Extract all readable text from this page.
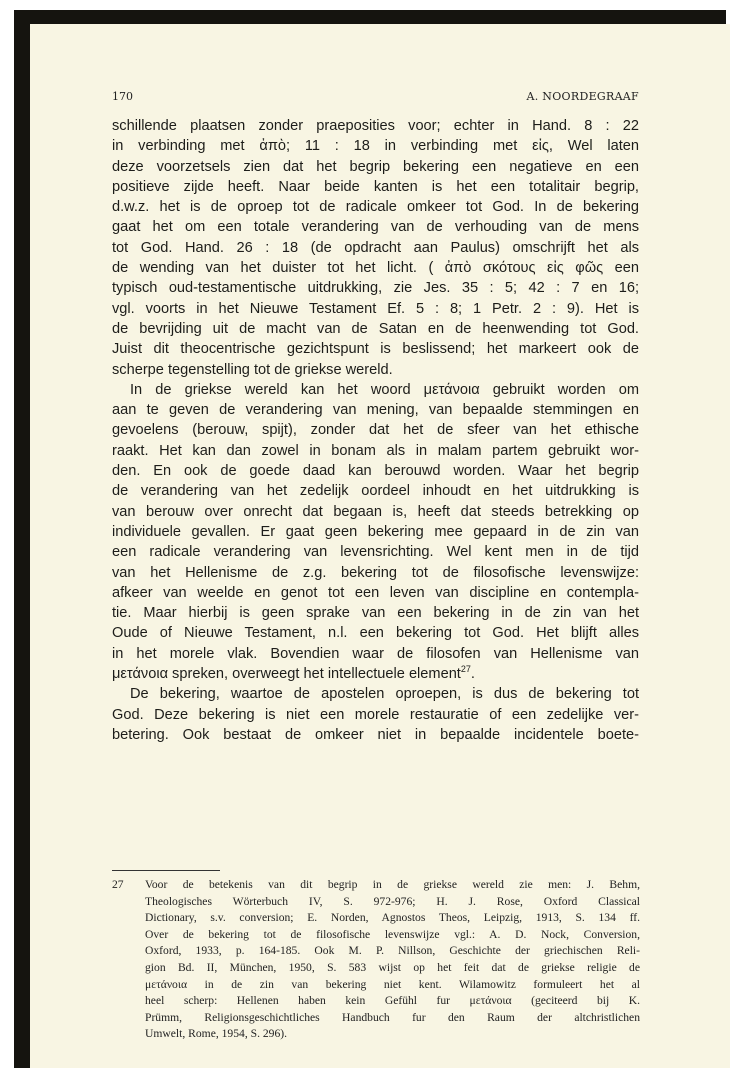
170	A. NOORDEGRAAF

schillende plaatsen zonder praeposities voor; echter in Hand. 8 : 22
in verbinding met ἀπὸ; 11 : 18 in verbinding met εἰς, Wel laten
deze voorzetsels zien dat het begrip bekering een negatieve en een
positieve zijde heeft. Naar beide kanten is het een totalitair begrip,
d.w.z. het is de oproep tot de radicale omkeer tot God. In de bekering
gaat het om een totale verandering van de verhouding van de mens
tot God. Hand. 26 : 18 (de opdracht aan Paulus) omschrijft het als
de wending van het duister tot het licht. ( ἀπὸ σκότους εἰς φῶς een
typisch oud-testamentische uitdrukking, zie Jes. 35 : 5; 42 : 7 en 16;
vgl. voorts in het Nieuwe Testament Ef. 5 : 8; 1 Petr. 2 : 9). Het is
de bevrijding uit de macht van de Satan en de heenwending tot God.
Juist dit theocentrische gezichtspunt is beslissend; het markeert ook de
scherpe tegenstelling tot de griekse wereld.

In de griekse wereld kan het woord μετάνοια gebruikt worden om
aan te geven de verandering van mening, van bepaalde stemmingen en
gevoelens (berouw, spijt), zonder dat het de sfeer van het ethische
raakt. Het kan dan zowel in bonam als in malam partem gebruikt wor-
den. En ook de goede daad kan berouwd worden. Waar het begrip
de verandering van het zedelijk oordeel inhoudt en het uitdrukking is
van berouw over onrecht dat begaan is, heeft dat steeds betrekking op
individuele gevallen. Er gaat geen bekering mee gepaard in de zin van
een radicale verandering van levensrichting. Wel kent men in de tijd
van het Hellenisme de z.g. bekering tot de filosofische levenswijze:
afkeer van weelde en genot tot een leven van discipline en contempla-
tie. Maar hierbij is geen sprake van een bekering in de zin van het
Oude of Nieuwe Testament, n.l. een bekering tot God. Het blijft alles
in het morele vlak. Bovendien waar de filosofen van Hellenisme van
μετάνοια spreken, overweegt het intellectuele element$^{27}$.

De bekering, waartoe de apostelen oproepen, is dus de bekering tot
God. Deze bekering is niet een morele restauratie of een zedelijke ver-
betering. Ook bestaat de omkeer niet in bepaalde incidentele boete-

27 Voor de betekenis van dit begrip in de griekse wereld zie men: J. Behm,
Theologisches Wörterbuch IV, S. 972-976; H. J. Rose, Oxford Classical
Dictionary, s.v. conversion; E. Norden, Agnostos Theos, Leipzig, 1913, S. 134 ff.
Over de bekering tot de filosofische levenswijze vgl.: A. D. Nock, Conversion,
Oxford, 1933, p. 164-185. Ook M. P. Nillson, Geschichte der griechischen Reli-
gion Bd. II, München, 1950, S. 583 wijst op het feit dat de griekse religie de
μετάνοια in de zin van bekering niet kent. Wilamowitz formuleert het al
heel scherp: Hellenen haben kein Gefühl fur μετάνοια (geciteerd bij K.
Prümm, Religionsgeschichtliches Handbuch fur den Raum der altchristlichen
Umwelt, Rome, 1954, S. 296).
